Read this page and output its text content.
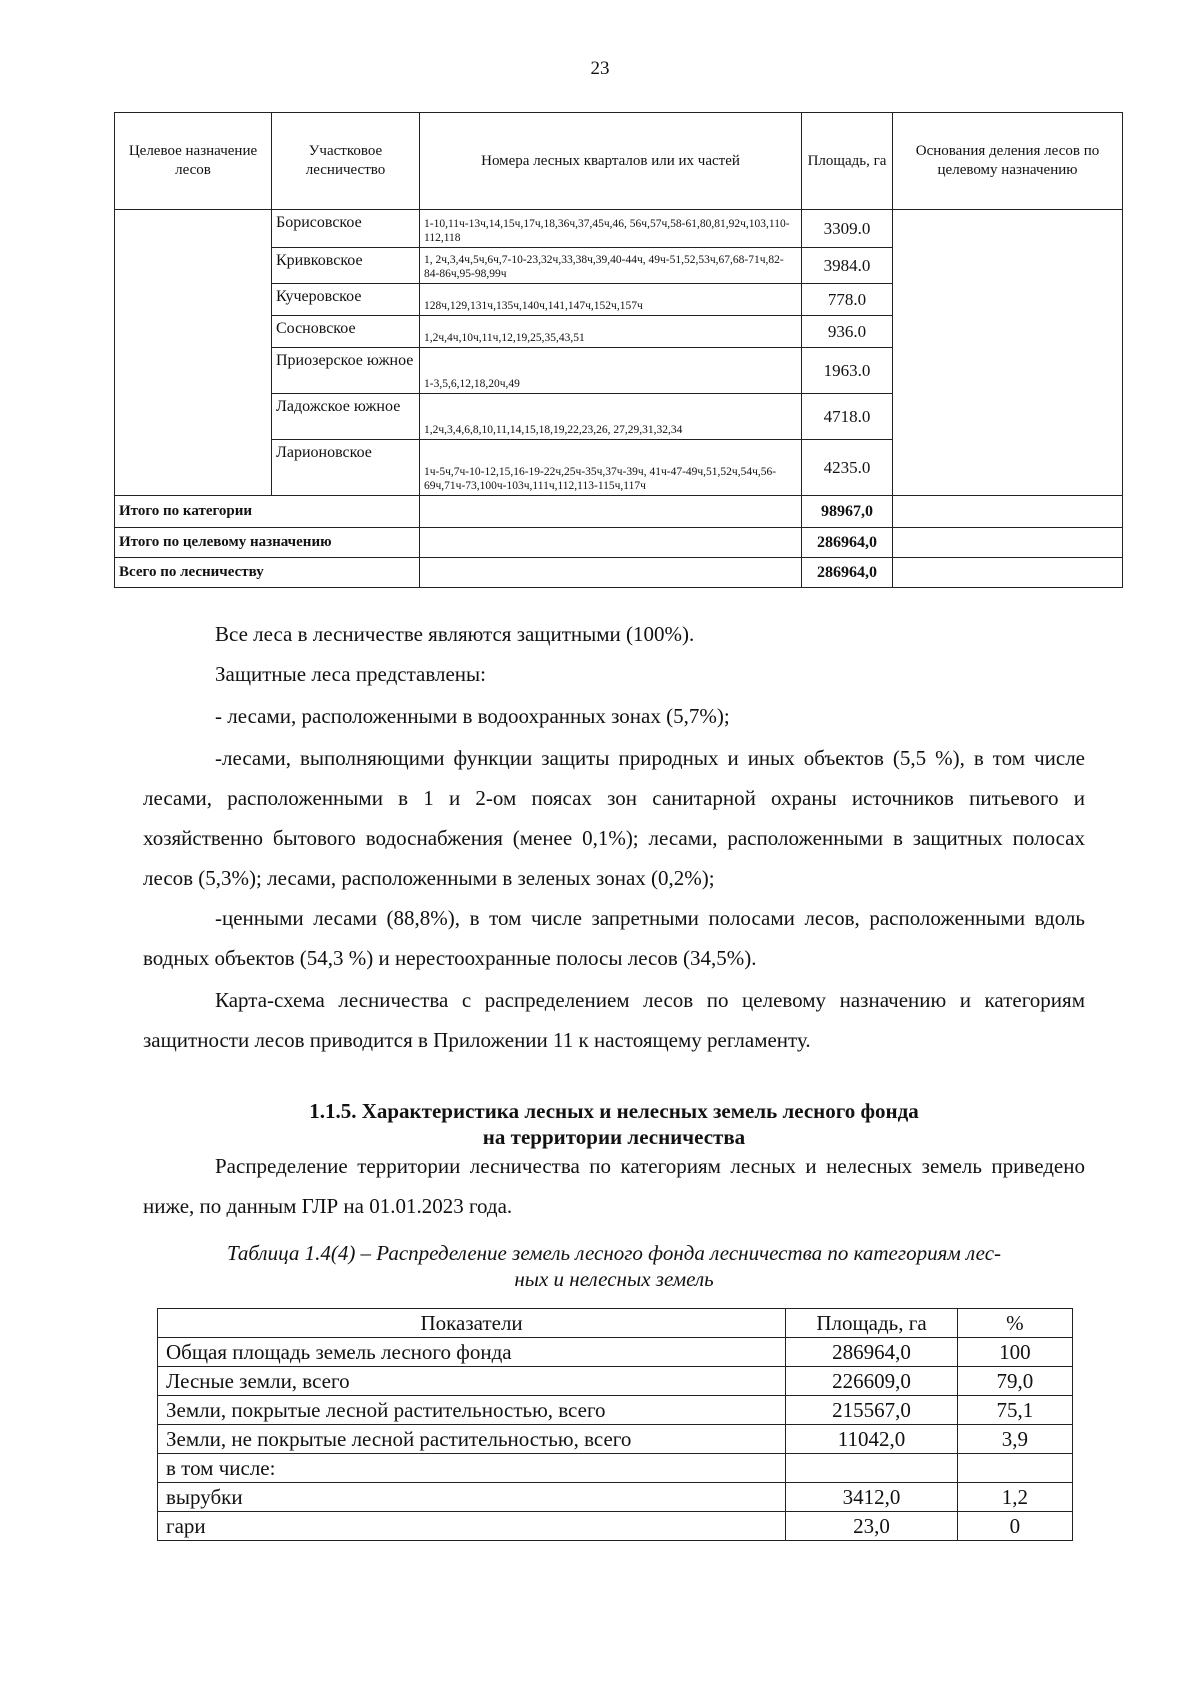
23
Целевое назначение лесов	Участковое лесничество	Номера лесных кварталов или их частей	Площадь, га	Основания деления лесов по целевому назначению
	Борисовское	1-10,11ч-13ч,14,15ч,17ч,18,36ч,37,45ч,46, 56ч,57ч,58-61,80,81,92ч,103,110-112,118	3309.0	
	Кривковское	1, 2ч,3,4ч,5ч,6ч,7-10-23,32ч,33,38ч,39,40-44ч, 49ч-51,52,53ч,67,68-71ч,82-84-86ч,95-98,99ч	3984.0	
	Кучеровское	128ч,129,131ч,135ч,140ч,141,147ч,152ч,157ч	778.0	
	Сосновское	1,2ч,4ч,10ч,11ч,12,19,25,35,43,51	936.0	
	Приозерское южное	1-3,5,6,12,18,20ч,49	1963.0	
	Ладожское южное	1,2ч,3,4,6,8,10,11,14,15,18,19,22,23,26, 27,29,31,32,34	4718.0	
	Ларионовское	1ч-5ч,7ч-10-12,15,16-19-22ч,25ч-35ч,37ч-39ч, 41ч-47-49ч,51,52ч,54ч,56-69ч,71ч-73,100ч-103ч,111ч,112,113-115ч,117ч	4235.0	
Итого по категории			98967,0	
Итого по целевому назначению			286964,0	
Всего по лесничеству			286964,0	

Все леса в лесничестве являются защитными (100%).

Защитные леса представлены:

- лесами, расположенными в водоохранных зонах (5,7%);

-лесами, выполняющими функции защиты природных и иных объектов (5,5 %), в том числе лесами, расположенными в 1 и 2-ом поясах зон санитарной охраны источников питьевого и хозяйственно бытового водоснабжения (менее 0,1%); лесами, расположенными в защитных полосах лесов (5,3%); лесами, расположенными в зеленых зонах (0,2%);

-ценными лесами (88,8%), в том числе запретными полосами лесов, расположенными вдоль водных объектов (54,3 %) и нерестоохранные полосы лесов (34,5%).

Карта-схема лесничества с распределением лесов по целевому назначению и категориям защитности лесов приводится в Приложении 11 к настоящему регламенту.

1.1.5. Характеристика лесных и нелесных земель лесного фонда
на территории лесничества

Распределение территории лесничества по категориям лесных и нелесных земель приведено ниже, по данным ГЛР на 01.01.2023 года.

Таблица 1.4(4) – Распределение земель лесного фонда лесничества по категориям лес-
ных и нелесных земель
Показатели	Площадь, га	%
Общая площадь земель лесного фонда	286964,0	100
Лесные земли, всего	226609,0	79,0
Земли, покрытые лесной растительностью, всего	215567,0	75,1
Земли, не покрытые лесной растительностью, всего	11042,0	3,9
в том числе:		
вырубки	3412,0	1,2
гари	23,0	0
